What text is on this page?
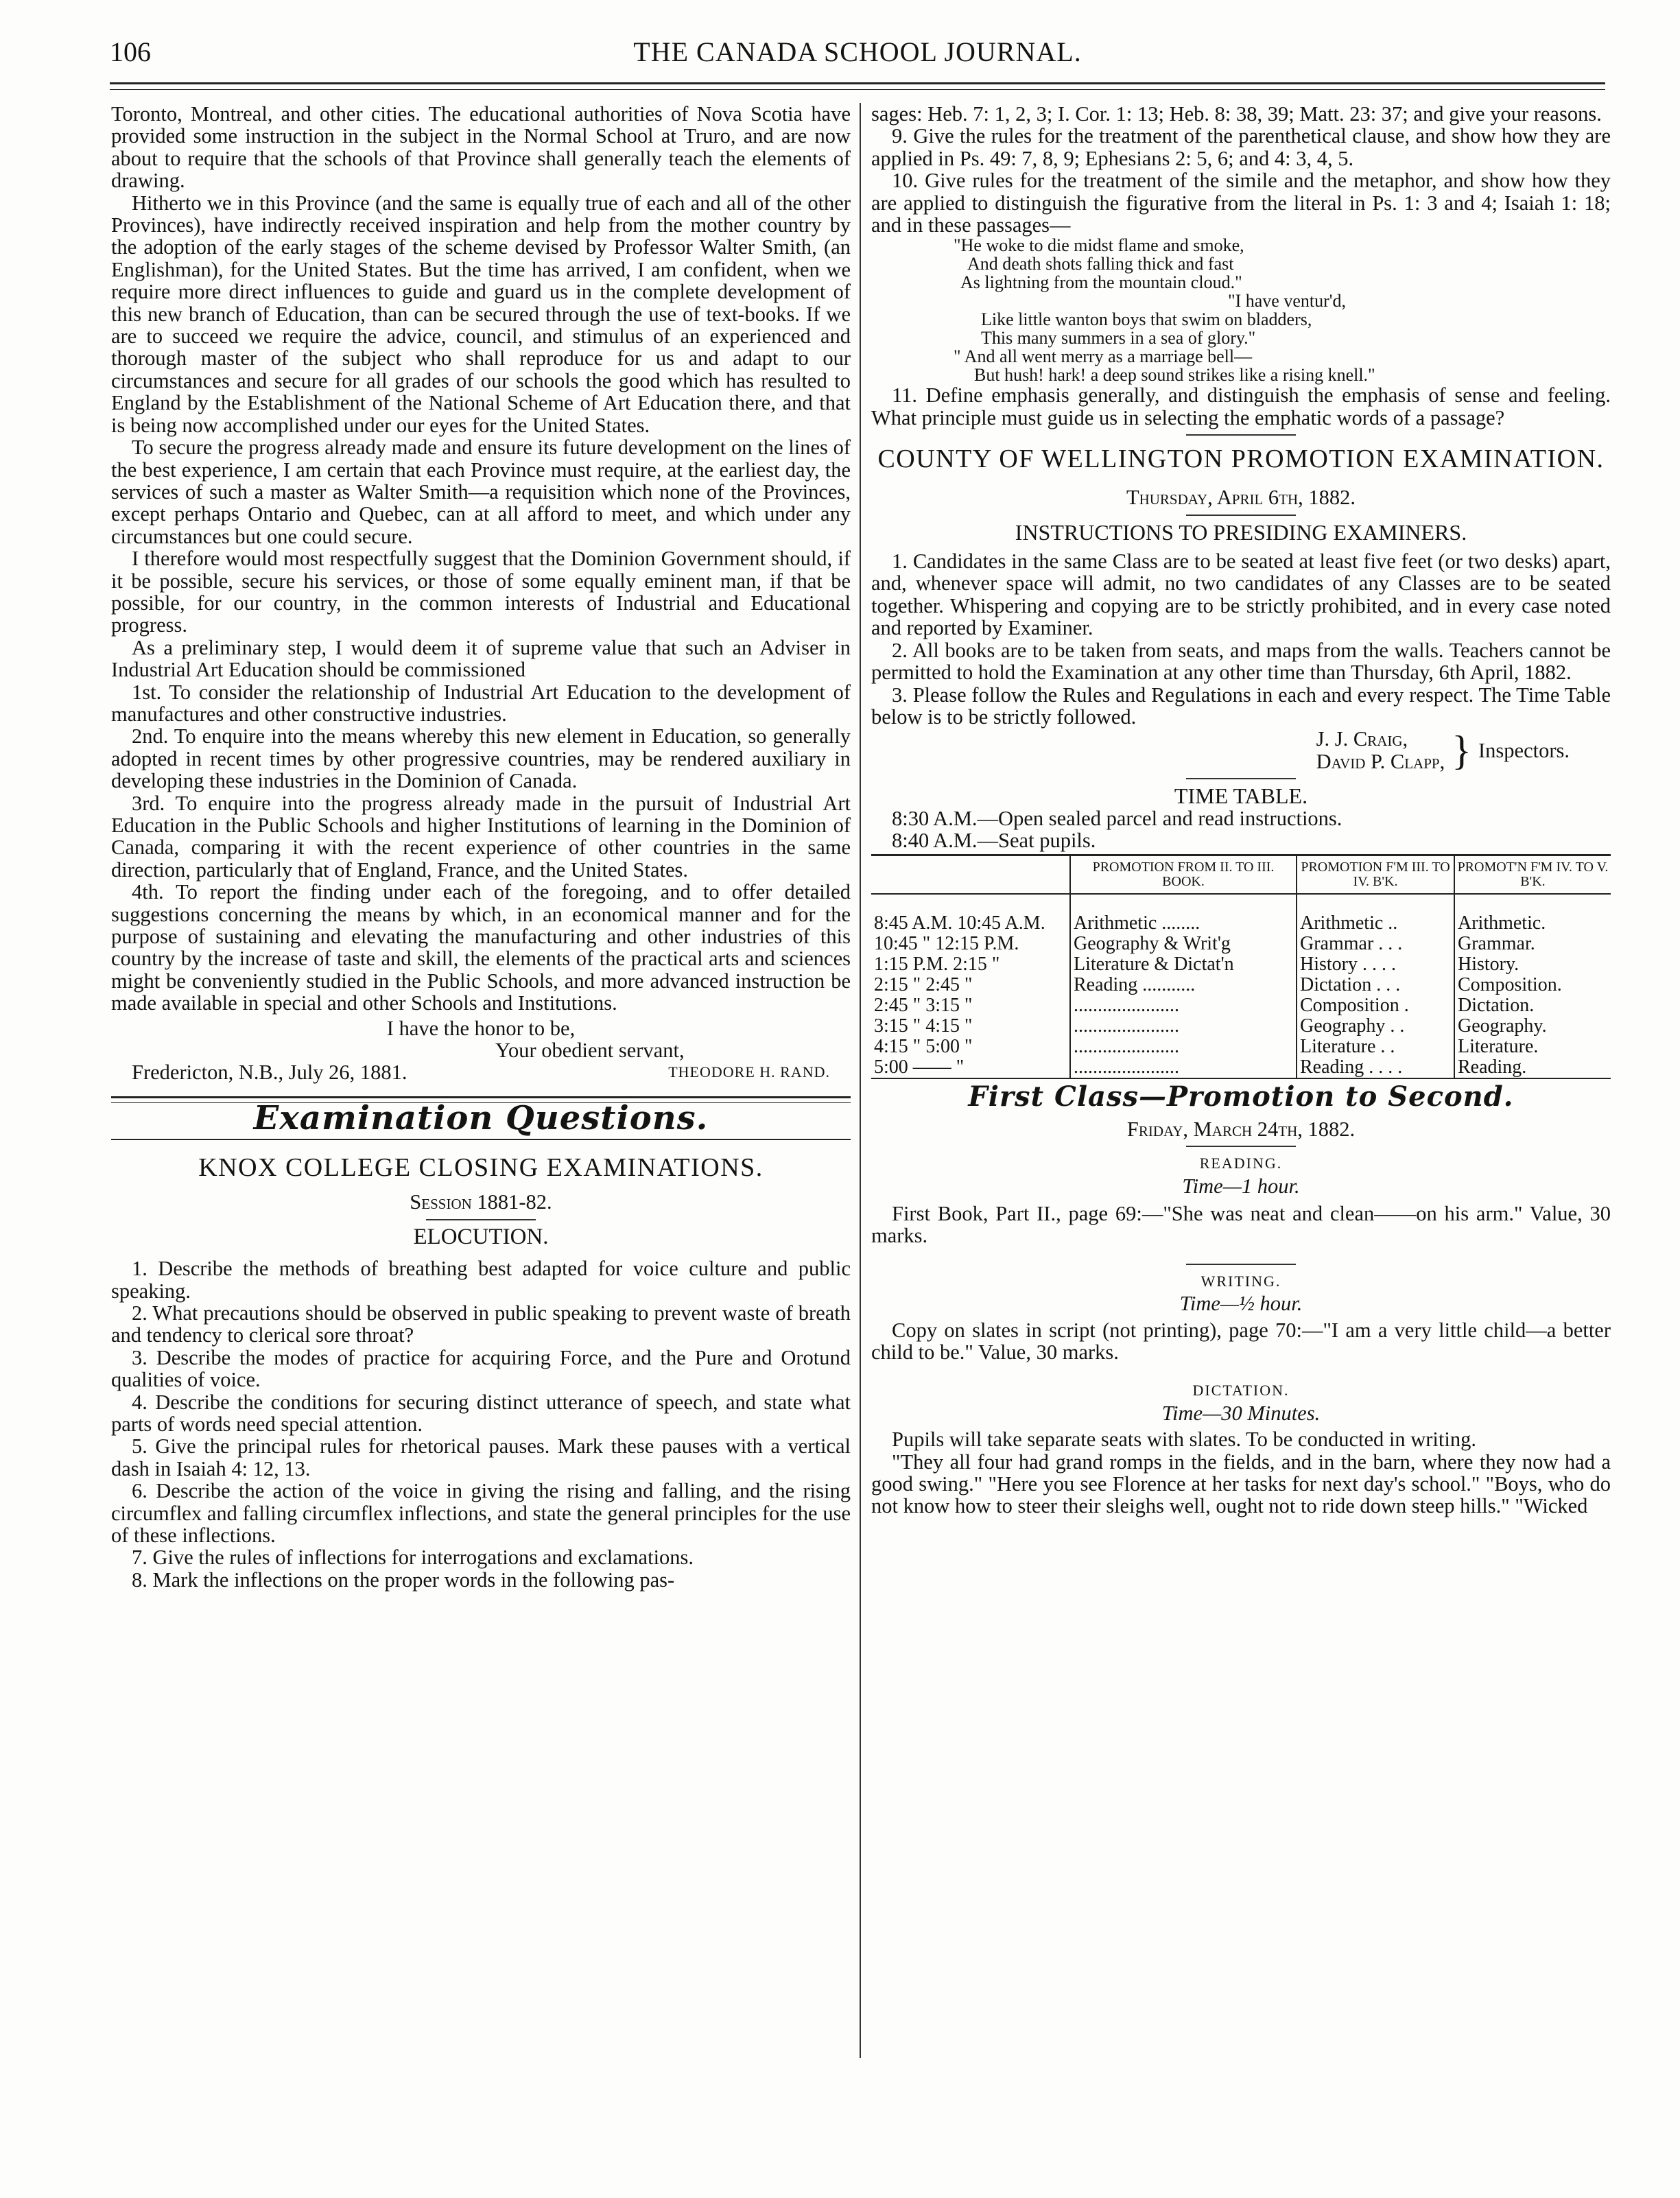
106	THE CANADA SCHOOL JOURNAL.

Toronto, Montreal, and other cities. The educational authorities of Nova Scotia have provided some instruction in the subject in the Normal School at Truro, and are now about to require that the schools of that Province shall generally teach the elements of drawing.

Hitherto we in this Province (and the same is equally true of each and all of the other Provinces), have indirectly received inspiration and help from the mother country by the adoption of the early stages of the scheme devised by Professor Walter Smith, (an Englishman), for the United States. But the time has arrived, I am confident, when we require more direct influences to guide and guard us in the complete development of this new branch of Education, than can be secured through the use of text-books. If we are to succeed we require the advice, council, and stimulus of an experienced and thorough master of the subject who shall reproduce for us and adapt to our circumstances and secure for all grades of our schools the good which has resulted to England by the Establishment of the National Scheme of Art Education there, and that is being now accomplished under our eyes for the United States.

To secure the progress already made and ensure its future development on the lines of the best experience, I am certain that each Province must require, at the earliest day, the services of such a master as Walter Smith—a requisition which none of the Provinces, except perhaps Ontario and Quebec, can at all afford to meet, and which under any circumstances but one could secure.

I therefore would most respectfully suggest that the Dominion Government should, if it be possible, secure his services, or those of some equally eminent man, if that be possible, for our country, in the common interests of Industrial and Educational progress.

As a preliminary step, I would deem it of supreme value that such an Adviser in Industrial Art Education should be commissioned

1st. To consider the relationship of Industrial Art Education to the development of manufactures and other constructive industries.

2nd. To enquire into the means whereby this new element in Education, so generally adopted in recent times by other progressive countries, may be rendered auxiliary in developing these industries in the Dominion of Canada.

3rd. To enquire into the progress already made in the pursuit of Industrial Art Education in the Public Schools and higher Institutions of learning in the Dominion of Canada, comparing it with the recent experience of other countries in the same direction, particularly that of England, France, and the United States.

4th. To report the finding under each of the foregoing, and to offer detailed suggestions concerning the means by which, in an economical manner and for the purpose of sustaining and elevating the manufacturing and other industries of this country by the increase of taste and skill, the elements of the practical arts and sciences might be conveniently studied in the Public Schools, and more advanced instruction be made available in special and other Schools and Institutions.

I have the honor to be,
Your obedient servant,
Fredericton, N.B., July 26, 1881.	THEODORE H. RAND.
Examination Questions.
KNOX COLLEGE CLOSING EXAMINATIONS.
Session 1881-82.
ELOCUTION.

1. Describe the methods of breathing best adapted for voice culture and public speaking.

2. What precautions should be observed in public speaking to prevent waste of breath and tendency to clerical sore throat?

3. Describe the modes of practice for acquiring Force, and the Pure and Orotund qualities of voice.

4. Describe the conditions for securing distinct utterance of speech, and state what parts of words need special attention.

5. Give the principal rules for rhetorical pauses. Mark these pauses with a vertical dash in Isaiah 4: 12, 13.

6. Describe the action of the voice in giving the rising and falling, and the rising circumflex and falling circumflex inflections, and state the general principles for the use of these inflections.

7. Give the rules of inflections for interrogations and exclamations.

8. Mark the inflections on the proper words in the following pas-

sages: Heb. 7: 1, 2, 3; I. Cor. 1: 13; Heb. 8: 38, 39; Matt. 23: 37; and give your reasons.

9. Give the rules for the treatment of the parenthetical clause, and show how they are applied in Ps. 49: 7, 8, 9; Ephesians 2: 5, 6; and 4: 3, 4, 5.

10. Give rules for the treatment of the simile and the metaphor, and show how they are applied to distinguish the figurative from the literal in Ps. 1: 3 and 4; Isaiah 1: 18; and in these passages—

"He woke to die midst flame and smoke,
And death shots falling thick and fast
As lightning from the mountain cloud."
"I have ventur'd,
Like little wanton boys that swim on bladders,
This many summers in a sea of glory."
" And all went merry as a marriage bell—
But hush! hark! a deep sound strikes like a rising knell."

11. Define emphasis generally, and distinguish the emphasis of sense and feeling. What principle must guide us in selecting the emphatic words of a passage?

COUNTY OF WELLINGTON PROMOTION EXAMINATION.
Thursday, April 6th, 1882.
INSTRUCTIONS TO PRESIDING EXAMINERS.

1. Candidates in the same Class are to be seated at least five feet (or two desks) apart, and, whenever space will admit, no two candidates of any Classes are to be seated together. Whispering and copying are to be strictly prohibited, and in every case noted and reported by Examiner.

2. All books are to be taken from seats, and maps from the walls. Teachers cannot be permitted to hold the Examination at any other time than Thursday, 6th April, 1882.

3. Please follow the Rules and Regulations in each and every respect. The Time Table below is to be strictly followed.

J. J. Craig,
David P. Clapp, } Inspectors.
TIME TABLE.
8:30 A.M.—Open sealed parcel and read instructions.
8:40 A.M.—Seat pupils.
	PROMOTION FROM II. TO III. BOOK.	PROMOTION F'M III. TO IV. B'K.	PROMOT'N F'M IV. TO V. B'K.

8:45 A.M. 10:45 A.M.	Arithmetic ........	Arithmetic ..	Arithmetic.
10:45 " 12:15 P.M.	Geography & Writ'g	Grammar . . .	Grammar.
1:15 P.M. 2:15 "	Literature & Dictat'n	History . . . .	History.
2:15 " 2:45 "	Reading ...........	Dictation . . .	Composition.
2:45 " 3:15 "	......................	Composition .	Dictation.
3:15 " 4:15 "	......................	Geography . .	Geography.
4:15 " 5:00 "	......................	Literature . .	Literature.
5:00 —— "	......................	Reading . . . .	Reading.
First Class—Promotion to Second.
Friday, March 24th, 1882.
READING.
Time—1 hour.

First Book, Part II., page 69:—"She was neat and clean——on his arm." Value, 30 marks.

WRITING.
Time—½ hour.

Copy on slates in script (not printing), page 70:—"I am a very little child—a better child to be." Value, 30 marks.

DICTATION.
Time—30 Minutes.

Pupils will take separate seats with slates. To be conducted in writing.

"They all four had grand romps in the fields, and in the barn, where they now had a good swing." "Here you see Florence at her tasks for next day's school." "Boys, who do not know how to steer their sleighs well, ought not to ride down steep hills." "Wicked
